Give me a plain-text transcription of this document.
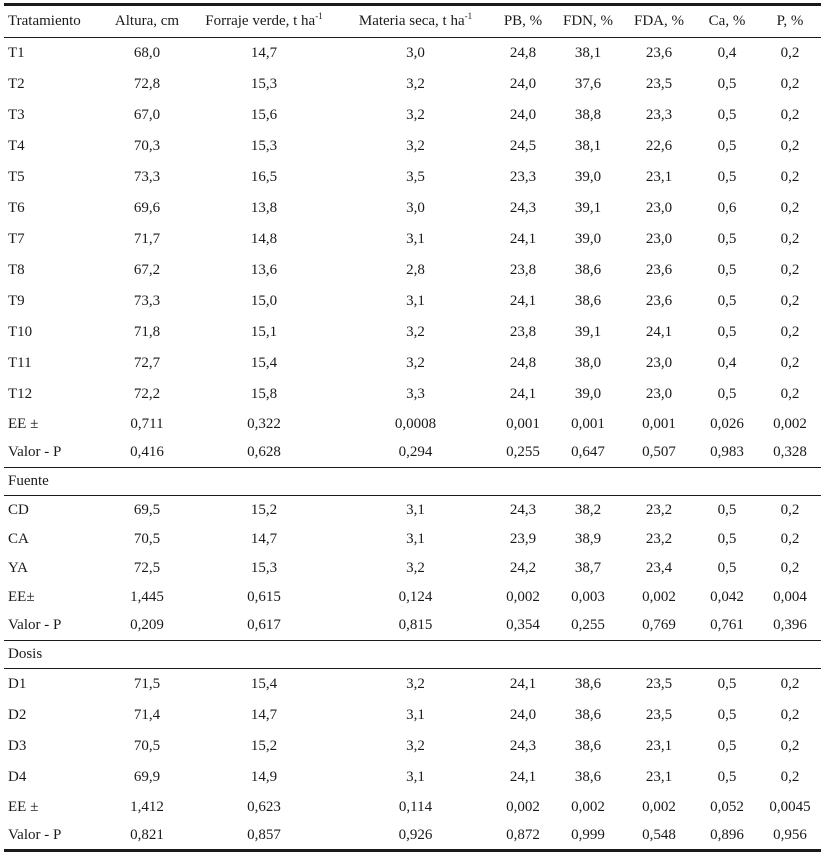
Tratamiento	Altura, cm	Forraje verde, t $ha^{-1}$	Materia seca, t $ha^{-1}$	PB, %	FDN, %	FDA, %	Ca, %	P, %
T1	68,0	14,7	3,0	24,8	38,1	23,6	0,4	0,2
T2	72,8	15,3	3,2	24,0	37,6	23,5	0,5	0,2
T3	67,0	15,6	3,2	24,0	38,8	23,3	0,5	0,2
T4	70,3	15,3	3,2	24,5	38,1	22,6	0,5	0,2
T5	73,3	16,5	3,5	23,3	39,0	23,1	0,5	0,2
T6	69,6	13,8	3,0	24,3	39,1	23,0	0,6	0,2
T7	71,7	14,8	3,1	24,1	39,0	23,0	0,5	0,2
T8	67,2	13,6	2,8	23,8	38,6	23,6	0,5	0,2
T9	73,3	15,0	3,1	24,1	38,6	23,6	0,5	0,2
T10	71,8	15,1	3,2	23,8	39,1	24,1	0,5	0,2
T11	72,7	15,4	3,2	24,8	38,0	23,0	0,4	0,2
T12	72,2	15,8	3,3	24,1	39,0	23,0	0,5	0,2
EE ±	0,711	0,322	0,0008	0,001	0,001	0,001	0,026	0,002
Valor - P	0,416	0,628	0,294	0,255	0,647	0,507	0,983	0,328
Fuente								
CD	69,5	15,2	3,1	24,3	38,2	23,2	0,5	0,2
CA	70,5	14,7	3,1	23,9	38,9	23,2	0,5	0,2
YA	72,5	15,3	3,2	24,2	38,7	23,4	0,5	0,2
EE±	1,445	0,615	0,124	0,002	0,003	0,002	0,042	0,004
Valor - P	0,209	0,617	0,815	0,354	0,255	0,769	0,761	0,396
Dosis								
D1	71,5	15,4	3,2	24,1	38,6	23,5	0,5	0,2
D2	71,4	14,7	3,1	24,0	38,6	23,5	0,5	0,2
D3	70,5	15,2	3,2	24,3	38,6	23,1	0,5	0,2
D4	69,9	14,9	3,1	24,1	38,6	23,1	0,5	0,2
EE ±	1,412	0,623	0,114	0,002	0,002	0,002	0,052	0,0045
Valor - P	0,821	0,857	0,926	0,872	0,999	0,548	0,896	0,956
